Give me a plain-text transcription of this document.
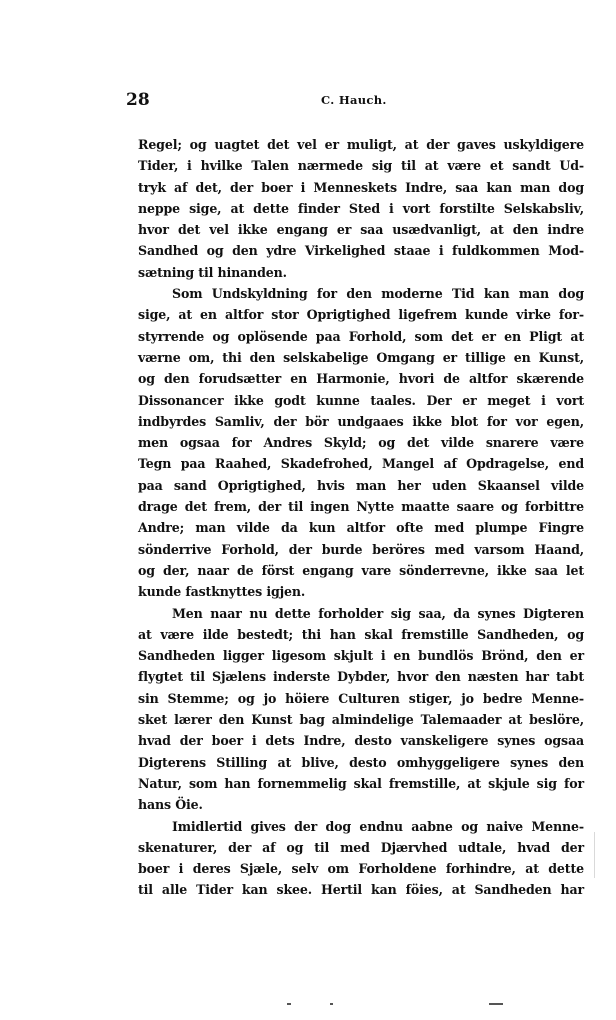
28	C. Hauch.
Regel; og uagtet det vel er muligt, at der gaves uskyldigere
Tider, i hvilke Talen nærmede sig til at være et sandt Ud-
tryk af det, der boer i Menneskets Indre, saa kan man dog
neppe sige, at dette finder Sted i vort forstilte Selskabsliv,
hvor det vel ikke engang er saa usædvanligt, at den indre
Sandhed og den ydre Virkelighed staae i fuldkommen Mod-
sætning til hinanden.
Som Undskyldning for den moderne Tid kan man dog
sige, at en altfor stor Oprigtighed ligefrem kunde virke for-
styrrende og oplösende paa Forhold, som det er en Pligt at
værne om, thi den selskabelige Omgang er tillige en Kunst,
og den forudsætter en Harmonie, hvori de altfor skærende
Dissonancer ikke godt kunne taales. Der er meget i vort
indbyrdes Samliv, der bör undgaaes ikke blot for vor egen,
men ogsaa for Andres Skyld; og det vilde snarere være
Tegn paa Raahed, Skadefrohed, Mangel af Opdragelse, end
paa sand Oprigtighed, hvis man her uden Skaansel vilde
drage det frem, der til ingen Nytte maatte saare og forbittre
Andre; man vilde da kun altfor ofte med plumpe Fingre
sönderrive Forhold, der burde beröres med varsom Haand,
og der, naar de först engang vare sönderrevne, ikke saa let
kunde fastknyttes igjen.
Men naar nu dette forholder sig saa, da synes Digteren
at være ilde bestedt; thi han skal fremstille Sandheden, og
Sandheden ligger ligesom skjult i en bundlös Brönd, den er
flygtet til Sjælens inderste Dybder, hvor den næsten har tabt
sin Stemme; og jo höiere Culturen stiger, jo bedre Menne-
sket lærer den Kunst bag almindelige Talemaader at beslöre,
hvad der boer i dets Indre, desto vanskeligere synes ogsaa
Digterens Stilling at blive, desto omhyggeligere synes den
Natur, som han fornemmelig skal fremstille, at skjule sig for
hans Öie.
Imidlertid gives der dog endnu aabne og naive Menne-
skenaturer, der af og til med Djærvhed udtale, hvad der
boer i deres Sjæle, selv om Forholdene forhindre, at dette
til alle Tider kan skee. Hertil kan föies, at Sandheden har
